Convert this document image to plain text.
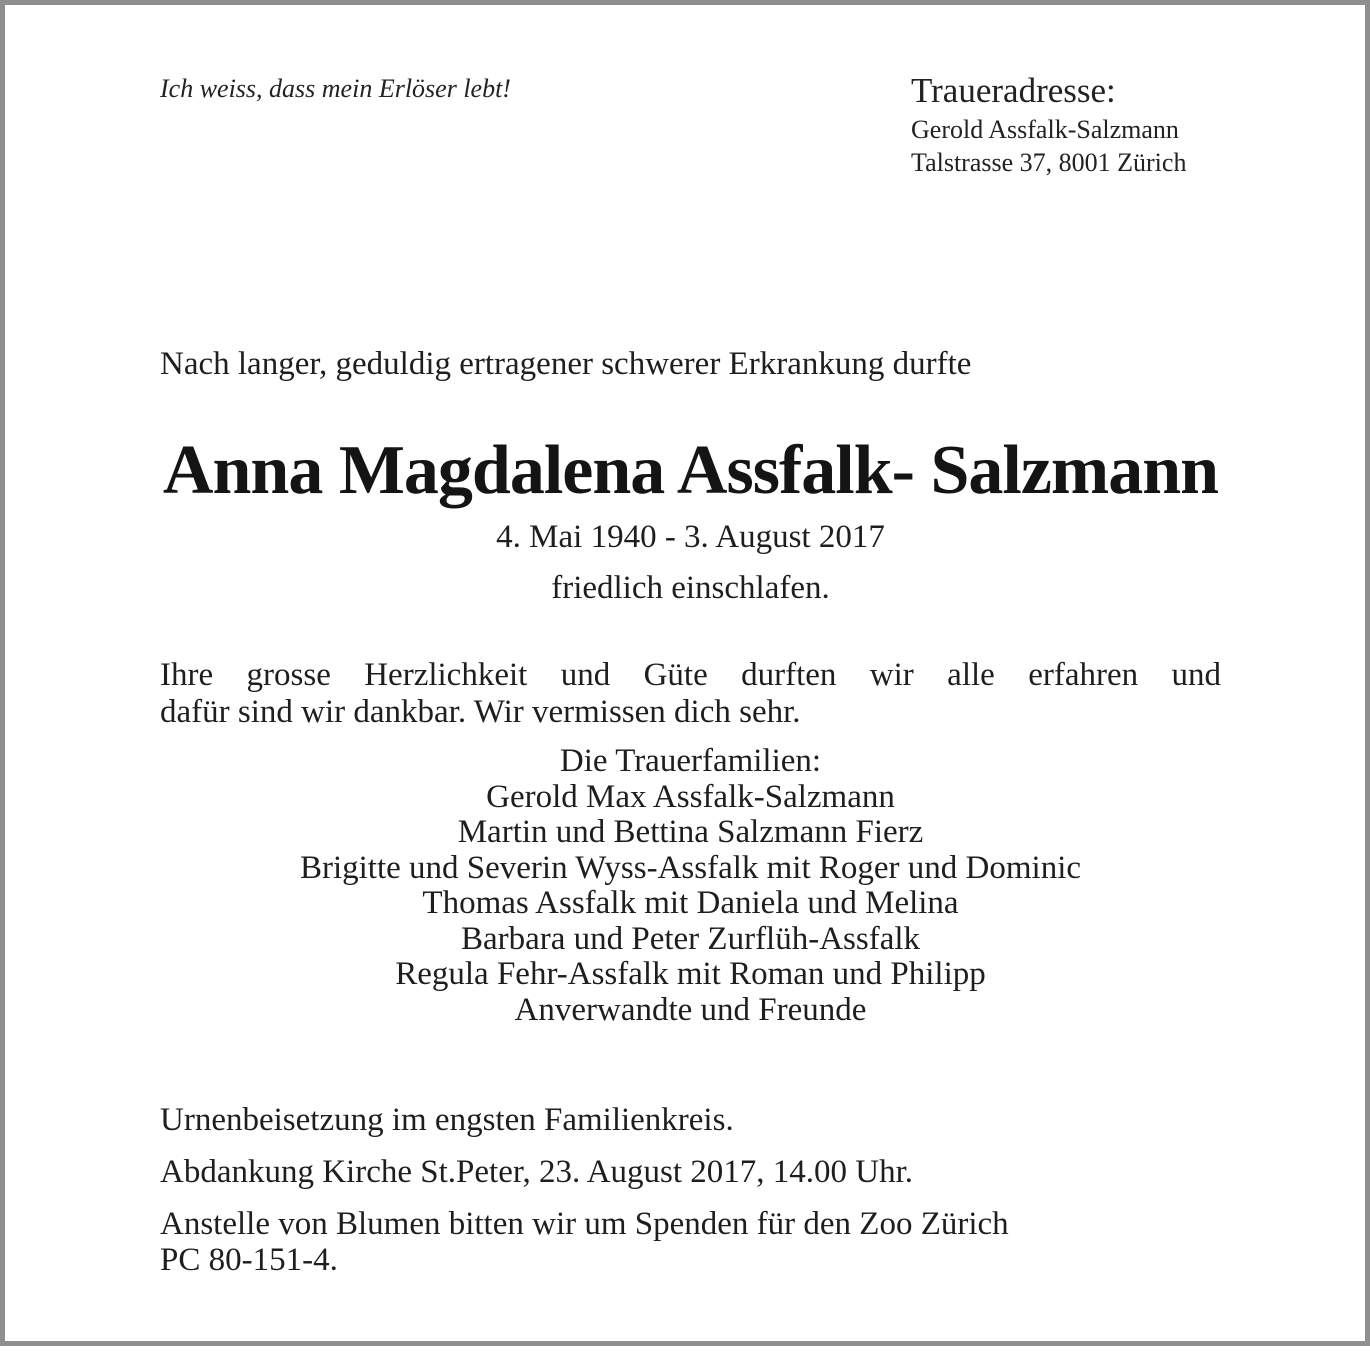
Ich weiss, dass mein Erlöser lebt!	Traueradresse:
Gerold Assfalk-Salzmann
Talstrasse 37, 8001 Zürich
Nach langer, geduldig ertragener schwerer Erkrankung durfte
Anna Magdalena Assfalk- Salzmann
4. Mai 1940 - 3. August 2017
friedlich einschlafen.
Ihre grosse Herzlichkeit und Güte durften wir alle erfahren und
dafür sind wir dankbar. Wir vermissen dich sehr.
Die Trauerfamilien:
Gerold Max Assfalk-Salzmann
Martin und Bettina Salzmann Fierz
Brigitte und Severin Wyss-Assfalk mit Roger und Dominic
Thomas Assfalk mit Daniela und Melina
Barbara und Peter Zurflüh-Assfalk
Regula Fehr-Assfalk mit Roman und Philipp
Anverwandte und Freunde
Urnenbeisetzung im engsten Familienkreis.
Abdankung Kirche St.Peter, 23. August 2017, 14.00 Uhr.
Anstelle von Blumen bitten wir um Spenden für den Zoo Zürich
PC 80-151-4.
